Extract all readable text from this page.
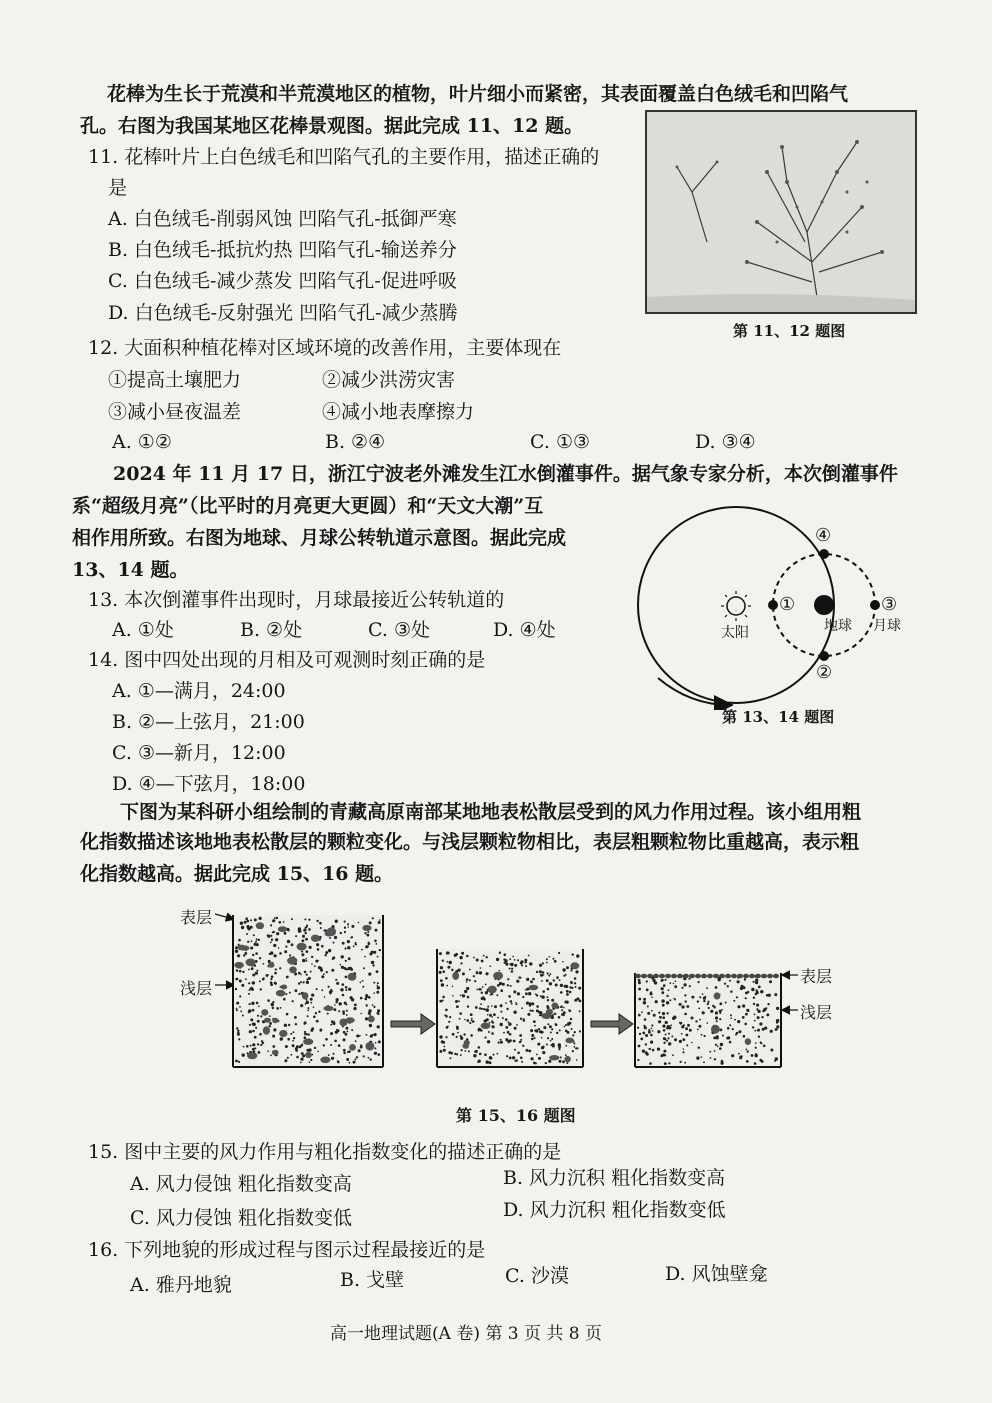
花棒为生长于荒漠和半荒漠地区的植物，叶片细小而紧密，其表面覆盖白色绒毛和凹陷气
孔。右图为我国某地区花棒景观图。据此完成 11、12 题。
11. 花棒叶片上白色绒毛和凹陷气孔的主要作用，描述正确的
是
A. 白色绒毛-削弱风蚀 凹陷气孔-抵御严寒
B. 白色绒毛-抵抗灼热 凹陷气孔-输送养分
C. 白色绒毛-减少蒸发 凹陷气孔-促进呼吸
D. 白色绒毛-反射强光 凹陷气孔-减少蒸腾
第 11、12 题图
12. 大面积种植花棒对区域环境的改善作用，主要体现在
①提高土壤肥力	②减少洪涝灾害
③减小昼夜温差	④减小地表摩擦力
A. ①②	B. ②④	C. ①③	D. ③④
2024 年 11 月 17 日，浙江宁波老外滩发生江水倒灌事件。据气象专家分析，本次倒灌事件
系“超级月亮”（比平时的月亮更大更圆）和“天文大潮”互
相作用所致。右图为地球、月球公转轨道示意图。据此完成
13、14 题。
13. 本次倒灌事件出现时，月球最接近公转轨道的
A. ①处	B. ②处	C. ③处	D. ④处
14. 图中四处出现的月相及可观测时刻正确的是
A. ①—满月，24:00
B. ②—上弦月，21:00
C. ③—新月，12:00
D. ④—下弦月，18:00
太阳	地球 月球
①
②
③
④
第 13、14 题图
下图为某科研小组绘制的青藏高原南部某地地表松散层受到的风力作用过程。该小组用粗
化指数描述该地地表松散层的颗粒变化。与浅层颗粒物相比，表层粗颗粒物比重越高，表示粗
化指数越高。据此完成 15、16 题。
表层
浅层
表层
浅层
第 15、16 题图
15. 图中主要的风力作用与粗化指数变化的描述正确的是
A. 风力侵蚀 粗化指数变高	B. 风力沉积 粗化指数变高
C. 风力侵蚀 粗化指数变低	D. 风力沉积 粗化指数变低
16. 下列地貌的形成过程与图示过程最接近的是
A. 雅丹地貌	B. 戈壁	C. 沙漠	D. 风蚀壁龛
高一地理试题(A 卷) 第 3 页 共 8 页
